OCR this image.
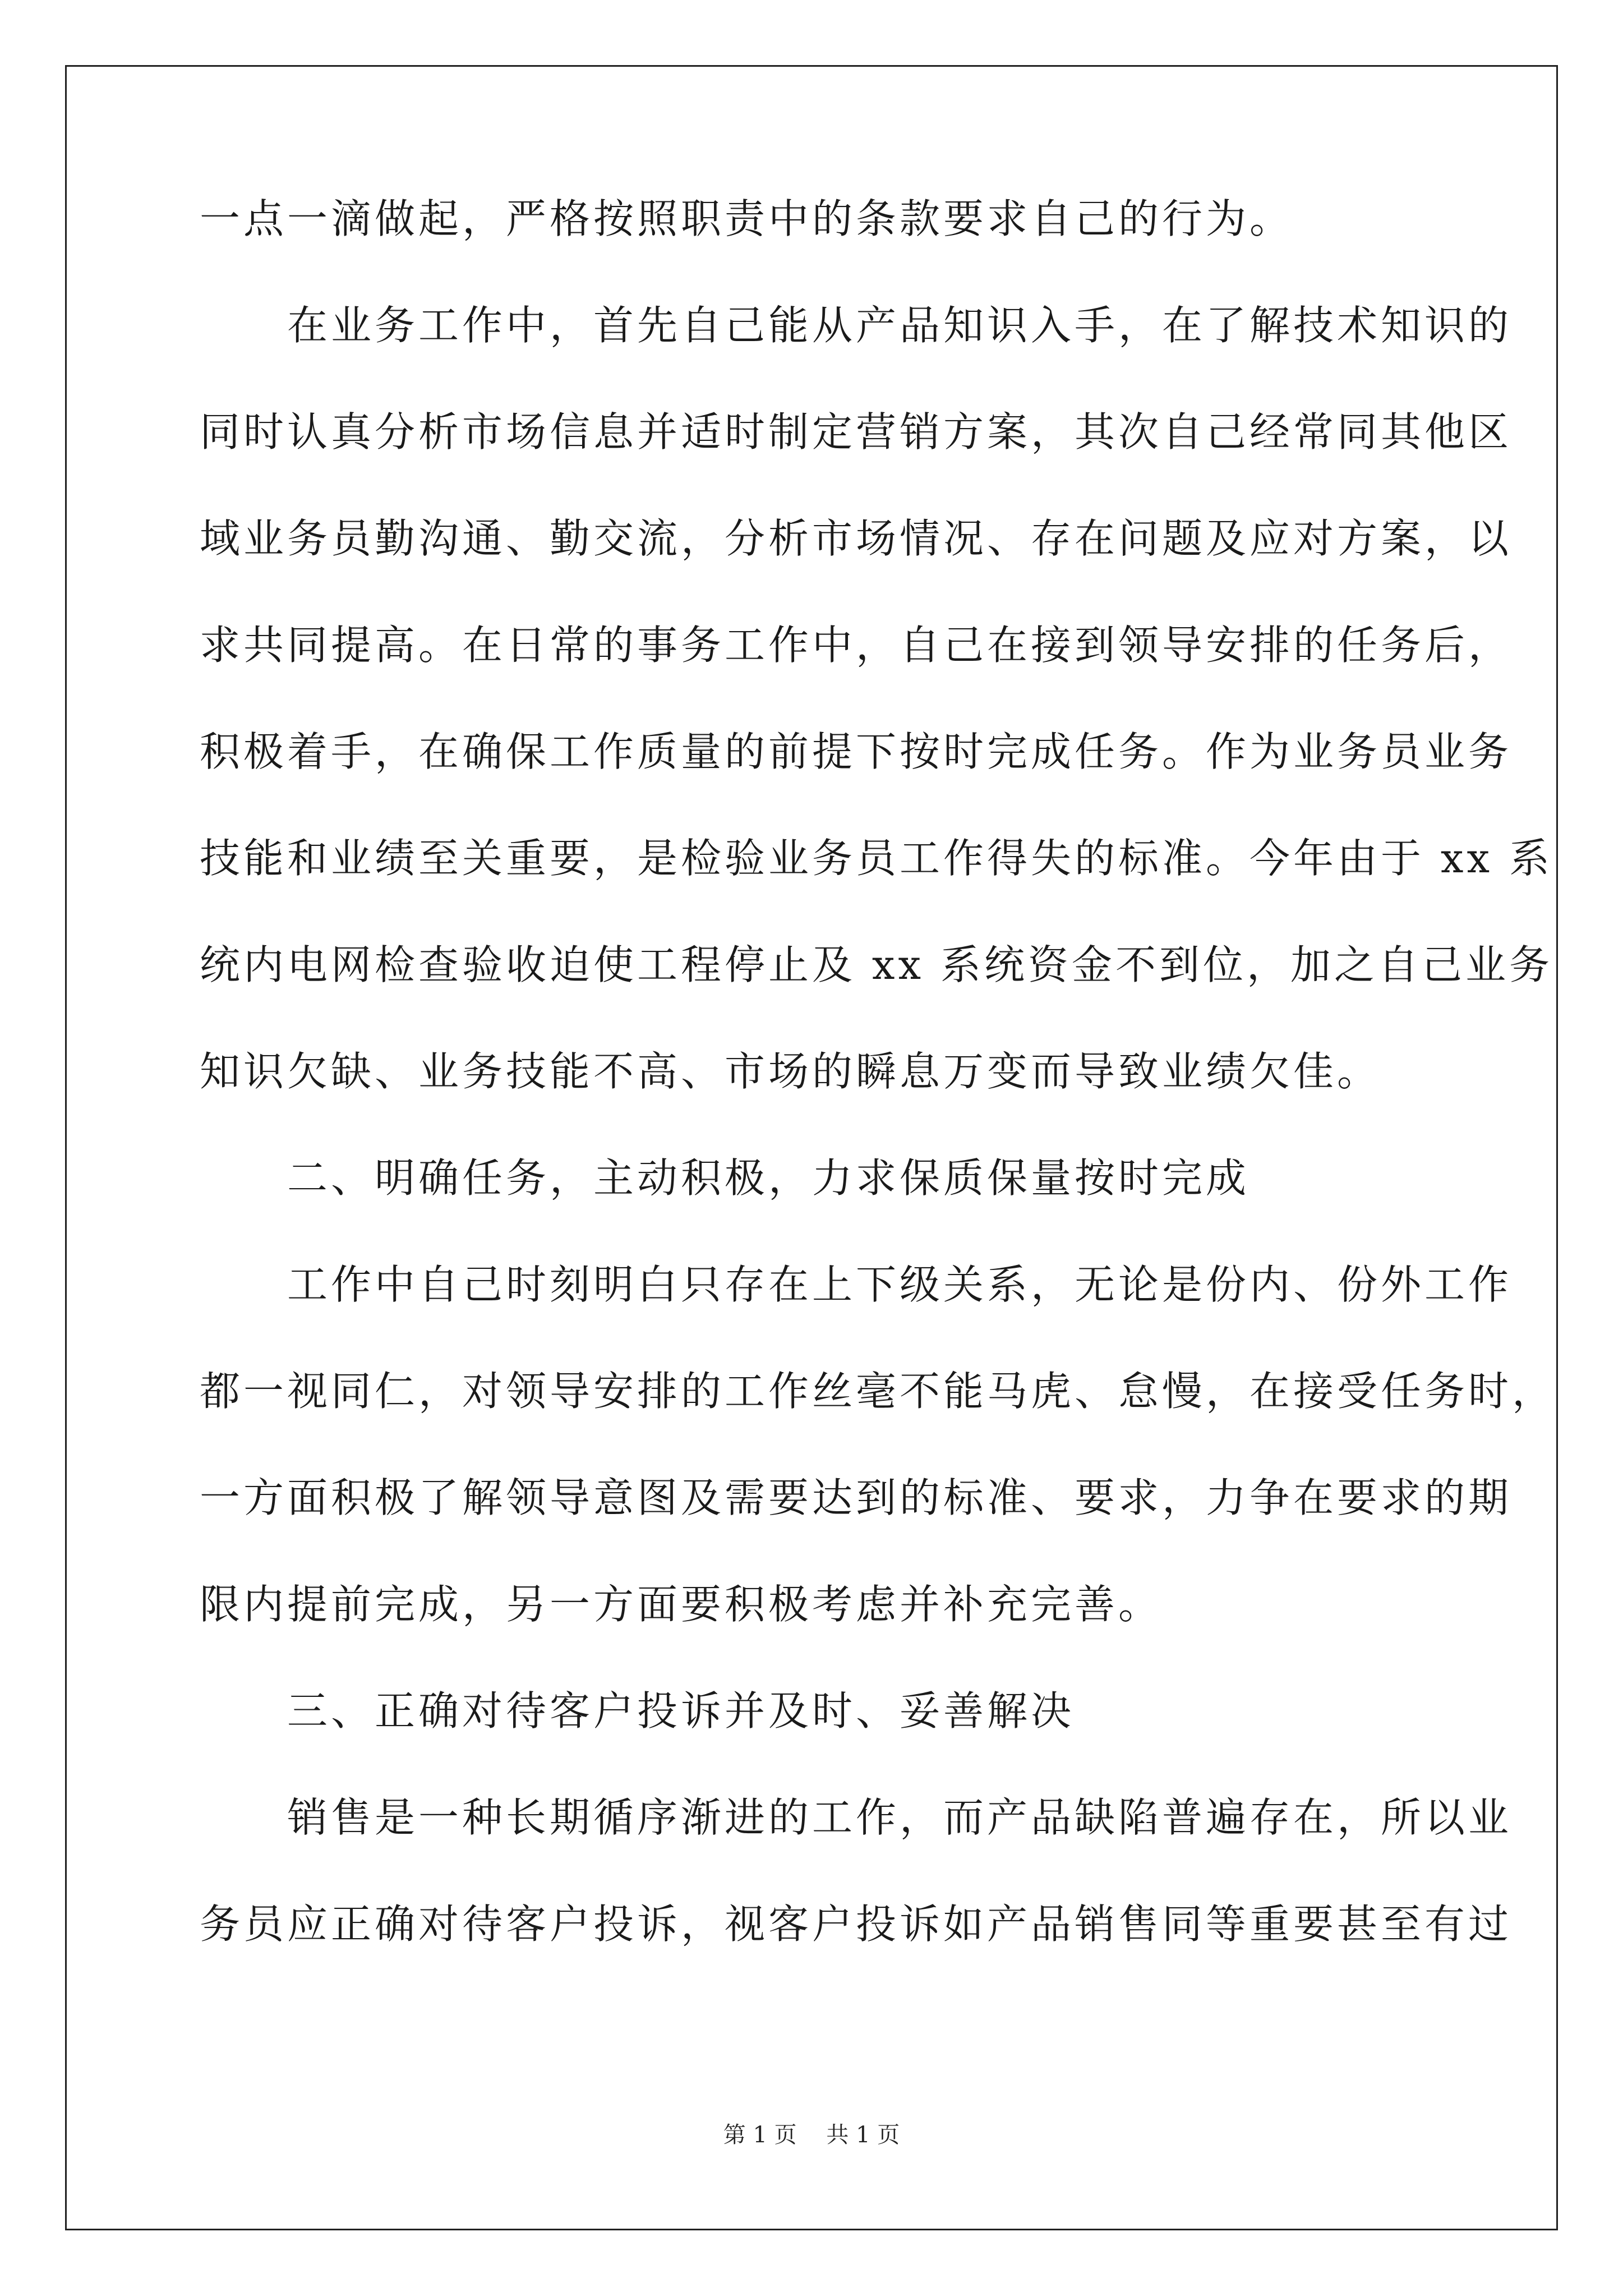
一点一滴做起，严格按照职责中的条款要求自己的行为。
　　在业务工作中，首先自己能从产品知识入手，在了解技术知识的
同时认真分析市场信息并适时制定营销方案，其次自己经常同其他区
域业务员勤沟通、勤交流，分析市场情况、存在问题及应对方案，以
求共同提高。在日常的事务工作中，自己在接到领导安排的任务后，
积极着手，在确保工作质量的前提下按时完成任务。作为业务员业务
技能和业绩至关重要，是检验业务员工作得失的标准。今年由于 xx 系
统内电网检查验收迫使工程停止及 xx 系统资金不到位，加之自己业务
知识欠缺、业务技能不高、市场的瞬息万变而导致业绩欠佳。
　　二、明确任务，主动积极，力求保质保量按时完成
　　工作中自己时刻明白只存在上下级关系，无论是份内、份外工作
都一视同仁，对领导安排的工作丝毫不能马虎、怠慢，在接受任务时，
一方面积极了解领导意图及需要达到的标准、要求，力争在要求的期
限内提前完成，另一方面要积极考虑并补充完善。
　　三、正确对待客户投诉并及时、妥善解决
　　销售是一种长期循序渐进的工作，而产品缺陷普遍存在，所以业
务员应正确对待客户投诉，视客户投诉如产品销售同等重要甚至有过
第 1 页 共 1 页
